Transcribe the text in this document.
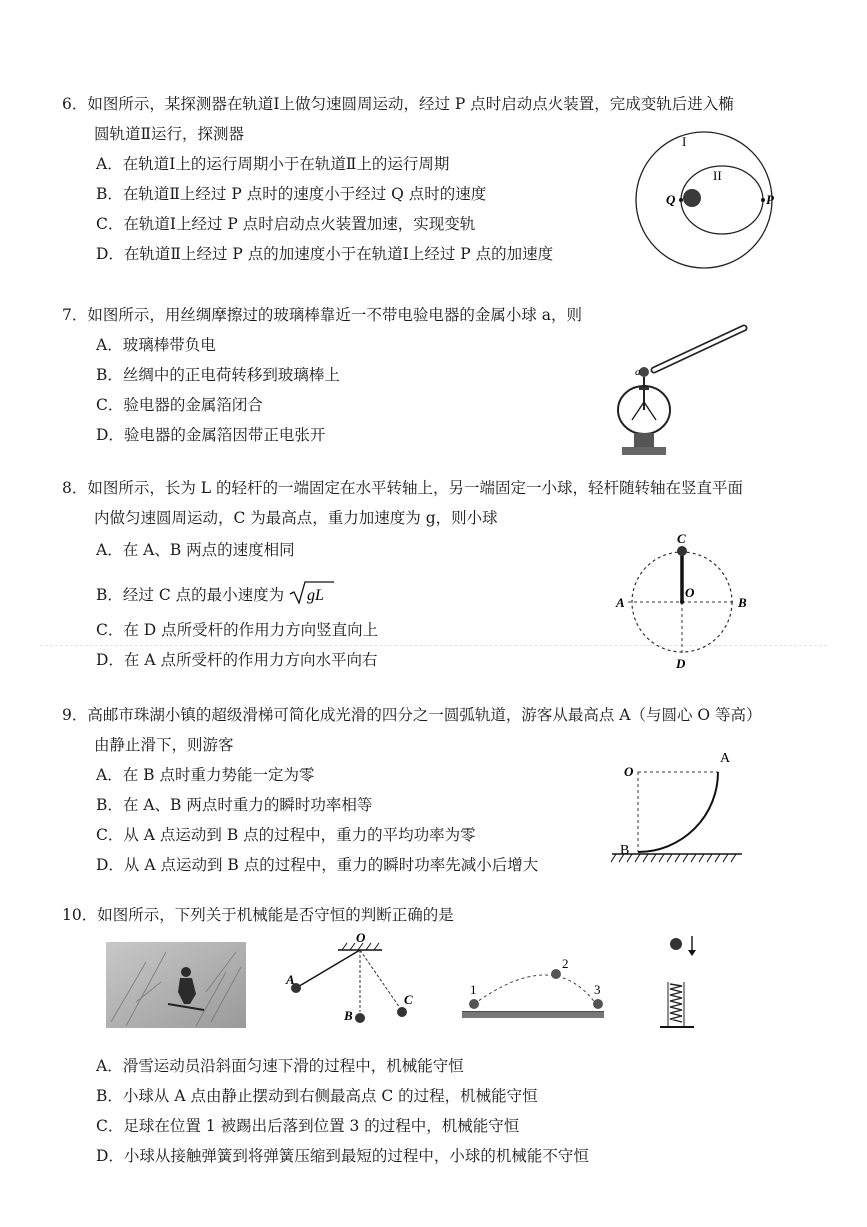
6．如图所示，某探测器在轨道Ⅰ上做匀速圆周运动，经过 P 点时启动点火装置，完成变轨后进入椭
圆轨道Ⅱ运行，探测器
A．在轨道Ⅰ上的运行周期小于在轨道Ⅱ上的运行周期
B．在轨道Ⅱ上经过 P 点时的速度小于经过 Q 点时的速度
C．在轨道Ⅰ上经过 P 点时启动点火装置加速，实现变轨
D．在轨道Ⅱ上经过 P 点的加速度小于在轨道Ⅰ上经过 P 点的加速度
I
II
Q	P
7．如图所示，用丝绸摩擦过的玻璃棒靠近一不带电验电器的金属小球 a，则
A．玻璃棒带负电
B．丝绸中的正电荷转移到玻璃棒上
C．验电器的金属箔闭合
D．验电器的金属箔因带正电张开
a
8．如图所示，长为 L 的轻杆的一端固定在水平转轴上，另一端固定一小球，轻杆随转轴在竖直平面
内做匀速圆周运动，C 为最高点，重力加速度为 g，则小球
A．在 A、B 两点的速度相同
B．经过 C 点的最小速度为 gL
C．在 D 点所受杆的作用力方向竖直向上
D．在 A 点所受杆的作用力方向水平向右
C
O
A	B
D
9．高邮市珠湖小镇的超级滑梯可简化成光滑的四分之一圆弧轨道，游客从最高点 A（与圆心 O 等高）
由静止滑下，则游客
A．在 B 点时重力势能一定为零
B．在 A、B 两点时重力的瞬时功率相等
C．从 A 点运动到 B 点的过程中，重力的平均功率为零
D．从 A 点运动到 B 点的过程中，重力的瞬时功率先减小后增大
O
A
B
10．如图所示，下列关于机械能是否守恒的判断正确的是
O
A
B
C
1
2
3
A．滑雪运动员沿斜面匀速下滑的过程中，机械能守恒
B．小球从 A 点由静止摆动到右侧最高点 C 的过程，机械能守恒
C．足球在位置 1 被踢出后落到位置 3 的过程中，机械能守恒
D．小球从接触弹簧到将弹簧压缩到最短的过程中，小球的机械能不守恒
